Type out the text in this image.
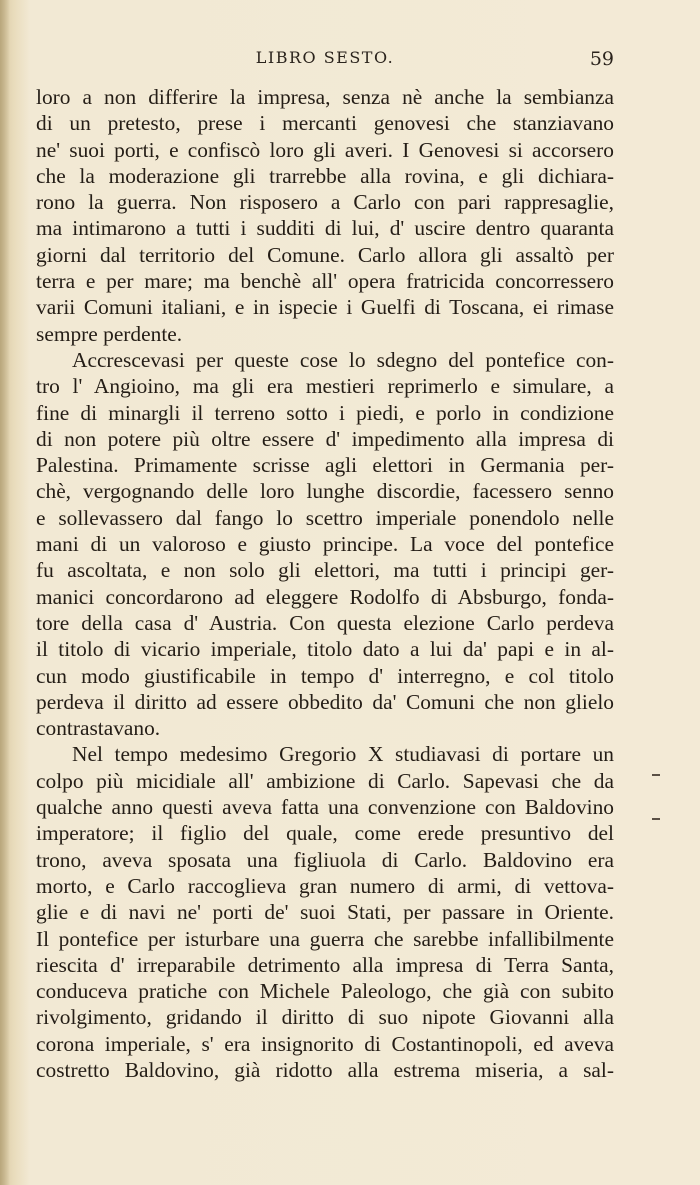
LIBRO SESTO.	59
loro a non differire la impresa, senza nè anche la sembianza
di un pretesto, prese i mercanti genovesi che stanziavano
ne' suoi porti, e confiscò loro gli averi. I Genovesi si accorsero
che la moderazione gli trarrebbe alla rovina, e gli dichiara-
rono la guerra. Non risposero a Carlo con pari rappresaglie,
ma intimarono a tutti i sudditi di lui, d' uscire dentro quaranta
giorni dal territorio del Comune. Carlo allora gli assaltò per
terra e per mare; ma benchè all' opera fratricida concorressero
varii Comuni italiani, e in ispecie i Guelfi di Toscana, ei rimase
sempre perdente.
Accrescevasi per queste cose lo sdegno del pontefice con-
tro l' Angioino, ma gli era mestieri reprimerlo e simulare, a
fine di minargli il terreno sotto i piedi, e porlo in condizione
di non potere più oltre essere d' impedimento alla impresa di
Palestina. Primamente scrisse agli elettori in Germania per-
chè, vergognando delle loro lunghe discordie, facessero senno
e sollevassero dal fango lo scettro imperiale ponendolo nelle
mani di un valoroso e giusto principe. La voce del pontefice
fu ascoltata, e non solo gli elettori, ma tutti i principi ger-
manici concordarono ad eleggere Rodolfo di Absburgo, fonda-
tore della casa d' Austria. Con questa elezione Carlo perdeva
il titolo di vicario imperiale, titolo dato a lui da' papi e in al-
cun modo giustificabile in tempo d' interregno, e col titolo
perdeva il diritto ad essere obbedito da' Comuni che non glielo
contrastavano.
Nel tempo medesimo Gregorio X studiavasi di portare un
colpo più micidiale all' ambizione di Carlo. Sapevasi che da
qualche anno questi aveva fatta una convenzione con Baldovino
imperatore; il figlio del quale, come erede presuntivo del
trono, aveva sposata una figliuola di Carlo. Baldovino era
morto, e Carlo raccoglieva gran numero di armi, di vettova-
glie e di navi ne' porti de' suoi Stati, per passare in Oriente.
Il pontefice per isturbare una guerra che sarebbe infallibilmente
riescita d' irreparabile detrimento alla impresa di Terra Santa,
conduceva pratiche con Michele Paleologo, che già con subito
rivolgimento, gridando il diritto di suo nipote Giovanni alla
corona imperiale, s' era insignorito di Costantinopoli, ed aveva
costretto Baldovino, già ridotto alla estrema miseria, a sal-
